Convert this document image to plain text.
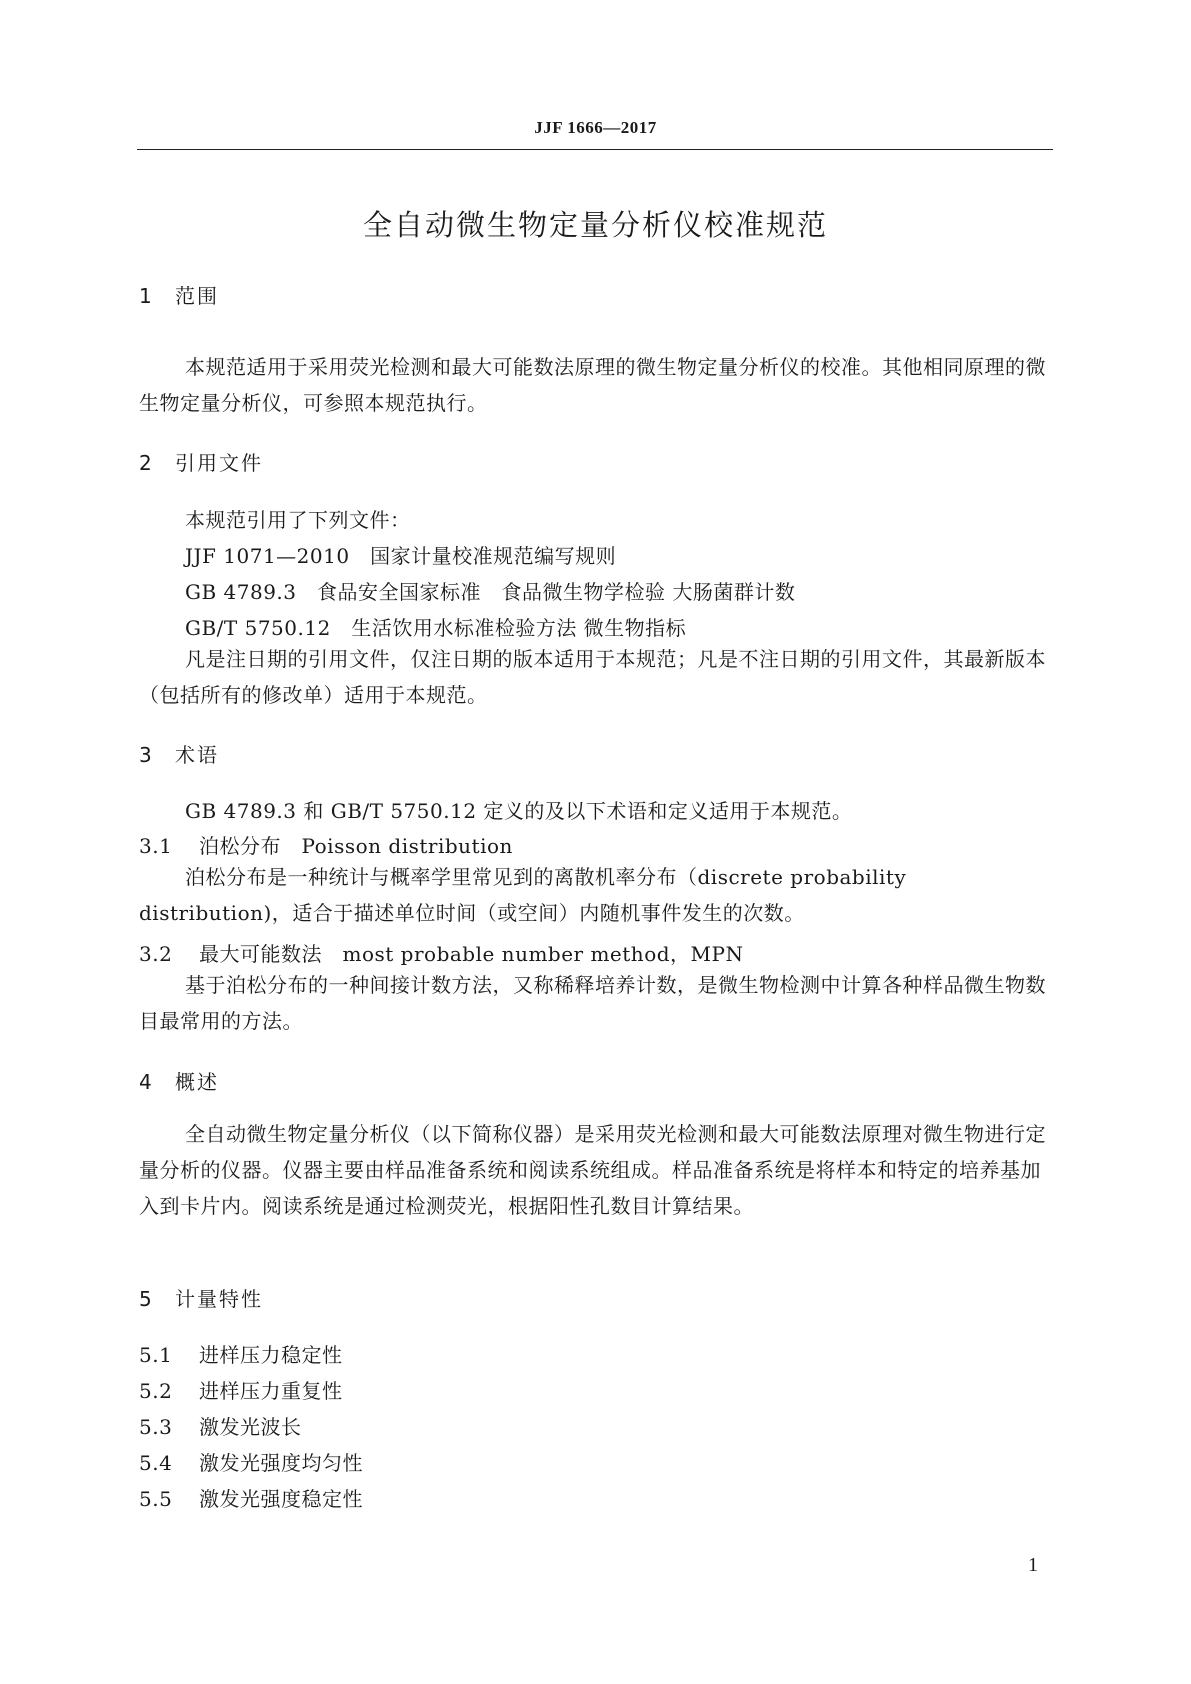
JJF 1666—2017
全自动微生物定量分析仪校准规范
1 范围
本规范适用于采用荧光检测和最大可能数法原理的微生物定量分析仪的校准。其他相同原理的微生物定量分析仪，可参照本规范执行。
2 引用文件
本规范引用了下列文件：
JJF 1071—2010　国家计量校准规范编写规则
GB 4789.3　食品安全国家标准　食品微生物学检验 大肠菌群计数
GB/T 5750.12　生活饮用水标准检验方法 微生物指标
凡是注日期的引用文件，仅注日期的版本适用于本规范；凡是不注日期的引用文件，其最新版本（包括所有的修改单）适用于本规范。
3 术语
GB 4789.3 和 GB/T 5750.12 定义的及以下术语和定义适用于本规范。
3.1 泊松分布　Poisson distribution
泊松分布是一种统计与概率学里常见到的离散机率分布（discrete probability distribution)，适合于描述单位时间（或空间）内随机事件发生的次数。
3.2 最大可能数法　most probable number method，MPN
基于泊松分布的一种间接计数方法，又称稀释培养计数，是微生物检测中计算各种样品微生物数目最常用的方法。
4 概述
全自动微生物定量分析仪（以下简称仪器）是采用荧光检测和最大可能数法原理对微生物进行定量分析的仪器。仪器主要由样品准备系统和阅读系统组成。样品准备系统是将样本和特定的培养基加入到卡片内。阅读系统是通过检测荧光，根据阳性孔数目计算结果。
5 计量特性
5.1 进样压力稳定性
5.2 进样压力重复性
5.3 激发光波长
5.4 激发光强度均匀性
5.5 激发光强度稳定性
1
